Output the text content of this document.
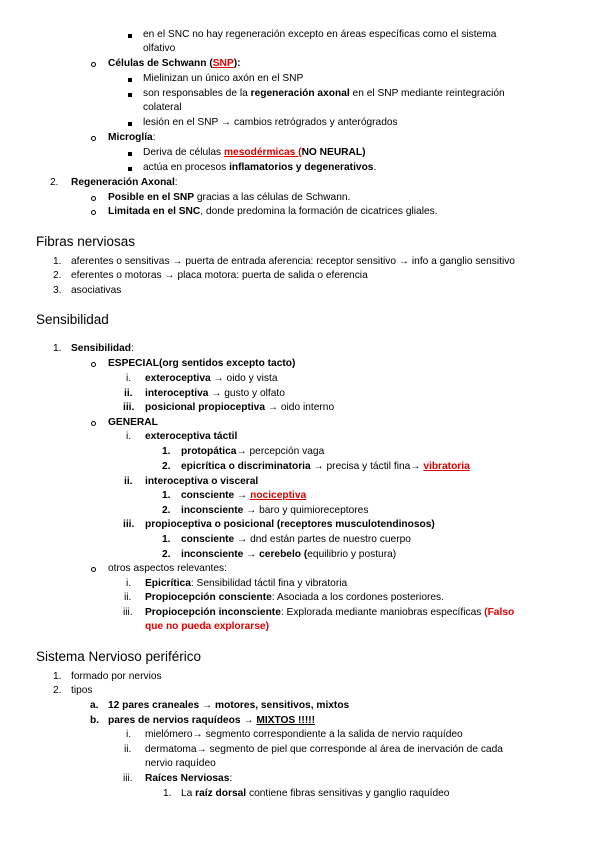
en el SNC no hay regeneración excepto en áreas específicas como el sistema
olfativo
Células de Schwann (SNP):
Mielinizan un único axón en el SNP
son responsables de la regeneración axonal en el SNP mediante reintegración
colateral
lesión en el SNP → cambios retrógrados y anterógrados
Microglía:
Deriva de células mesodérmicas (NO NEURAL)
actúa en procesos inflamatorios y degenerativos.
2. Regeneración Axonal:
Posible en el SNP gracias a las células de Schwann.
Limitada en el SNC, donde predomina la formación de cicatrices gliales.
Fibras nerviosas
1. aferentes o sensitivas → puerta de entrada aferencia: receptor sensitivo → info a ganglio sensitivo
2. eferentes o motoras → placa motora: puerta de salida o eferencia
3. asociativas
Sensibilidad
1. Sensibilidad:
ESPECIAL(org sentidos excepto tacto)
i. exteroceptiva → oido y vista
ii. interoceptiva → gusto y olfato
iii. posicional propioceptiva → oido interno
GENERAL
i. exteroceptiva táctil
1. protopática→ percepción vaga
2. epicrítica o discriminatoria → precisa y táctil fina→ vibratoria
ii. interoceptiva o visceral
1. consciente → nociceptiva
2. inconsciente → baro y quimioreceptores
iii. propioceptiva o posicional (receptores musculotendinosos)
1. consciente → dnd están partes de nuestro cuerpo
2. inconsciente → cerebelo (equilibrio y postura)
otros aspectos relevantes:
i. Epicrítica: Sensibilidad táctil fina y vibratoria
ii. Propiocepción consciente: Asociada a los cordones posteriores.
iii. Propiocepción inconsciente: Explorada mediante maniobras específicas (Falso
que no pueda explorarse)
Sistema Nervioso periférico
1. formado por nervios
2. tipos
a. 12 pares craneales → motores, sensitivos, mixtos
b. pares de nervios raquídeos → MIXTOS !!!!!
i. mielómero→ segmento correspondiente a la salida de nervio raquídeo
ii. dermatoma→ segmento de piel que corresponde al área de inervación de cada
nervio raquídeo
iii. Raíces Nerviosas:
1. La raíz dorsal contiene fibras sensitivas y ganglio raquídeo
